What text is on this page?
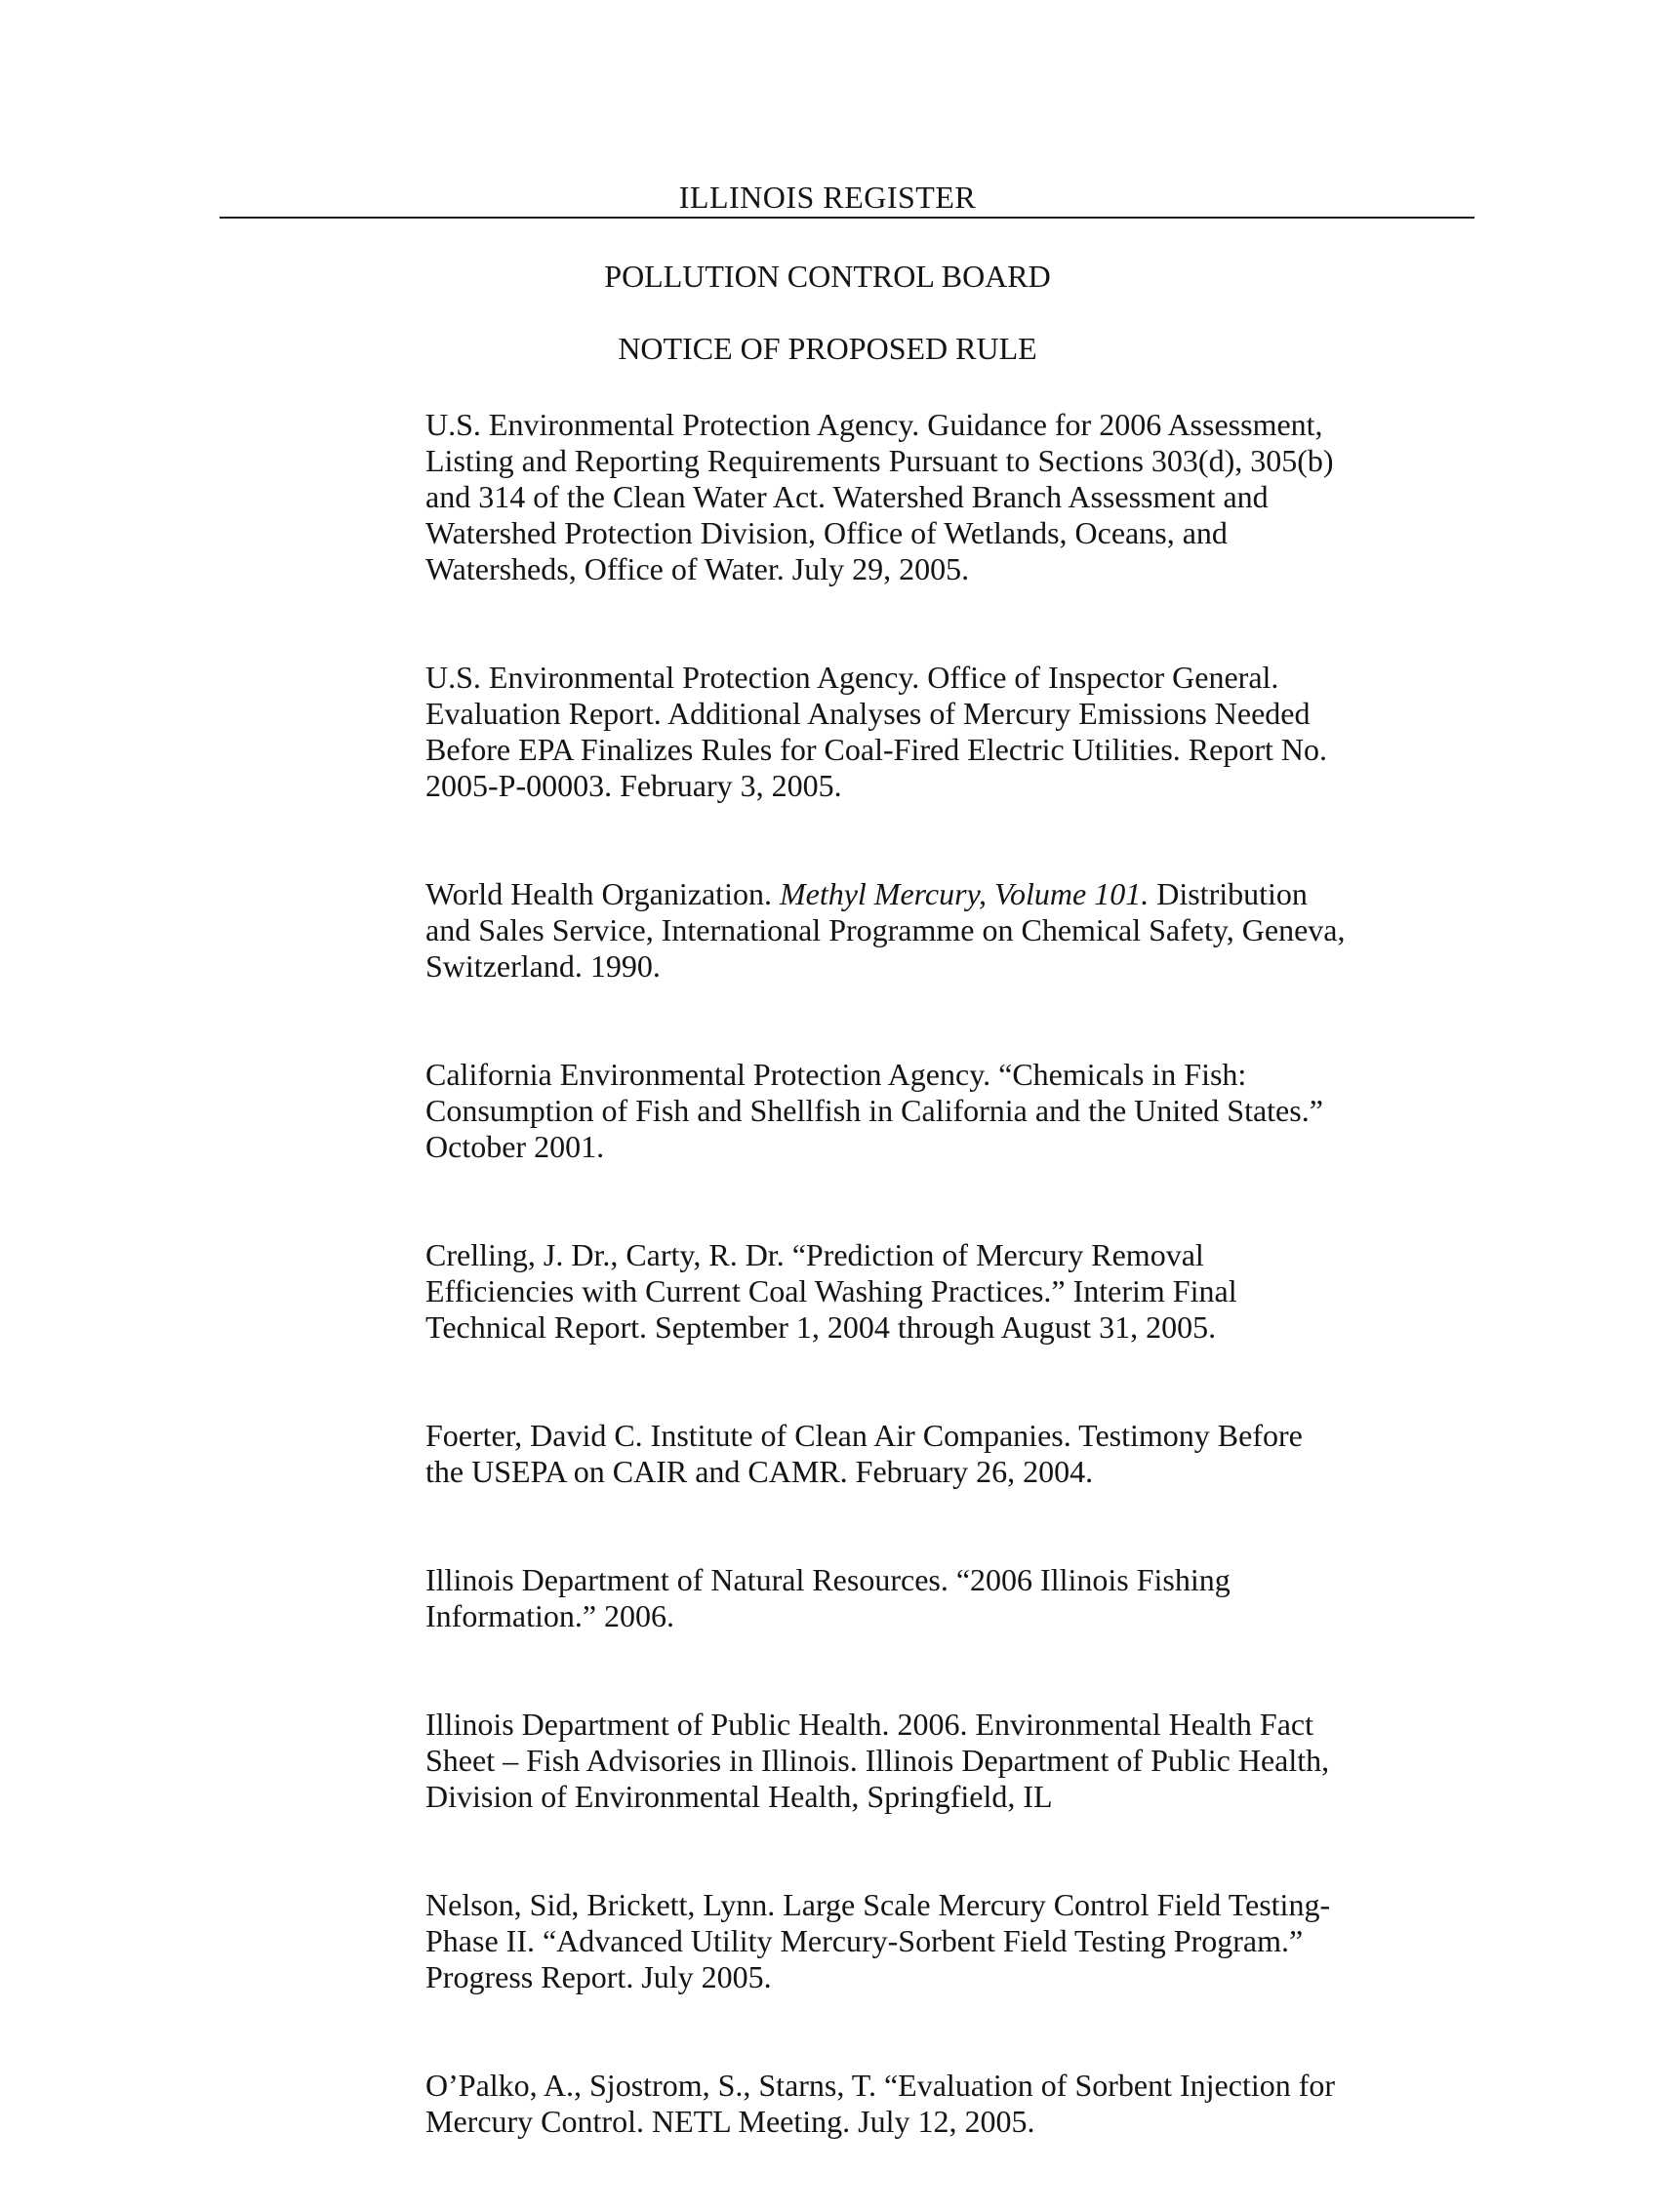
ILLINOIS REGISTER
POLLUTION CONTROL BOARD
NOTICE OF PROPOSED RULE
U.S. Environmental Protection Agency. Guidance for 2006 Assessment,
Listing and Reporting Requirements Pursuant to Sections 303(d), 305(b)
and 314 of the Clean Water Act. Watershed Branch Assessment and
Watershed Protection Division, Office of Wetlands, Oceans, and
Watersheds, Office of Water. July 29, 2005.
U.S. Environmental Protection Agency. Office of Inspector General.
Evaluation Report. Additional Analyses of Mercury Emissions Needed
Before EPA Finalizes Rules for Coal-Fired Electric Utilities. Report No.
2005-P-00003. February 3, 2005.
World Health Organization. Methyl Mercury, Volume 101. Distribution
and Sales Service, International Programme on Chemical Safety, Geneva,
Switzerland. 1990.
California Environmental Protection Agency. “Chemicals in Fish:
Consumption of Fish and Shellfish in California and the United States.”
October 2001.
Crelling, J. Dr., Carty, R. Dr. “Prediction of Mercury Removal
Efficiencies with Current Coal Washing Practices.” Interim Final
Technical Report. September 1, 2004 through August 31, 2005.
Foerter, David C. Institute of Clean Air Companies. Testimony Before
the USEPA on CAIR and CAMR. February 26, 2004.
Illinois Department of Natural Resources. “2006 Illinois Fishing
Information.” 2006.
Illinois Department of Public Health. 2006. Environmental Health Fact
Sheet – Fish Advisories in Illinois. Illinois Department of Public Health,
Division of Environmental Health, Springfield, IL
Nelson, Sid, Brickett, Lynn. Large Scale Mercury Control Field Testing-
Phase II. “Advanced Utility Mercury-Sorbent Field Testing Program.”
Progress Report. July 2005.
O’Palko, A., Sjostrom, S., Starns, T. “Evaluation of Sorbent Injection for
Mercury Control. NETL Meeting. July 12, 2005.
